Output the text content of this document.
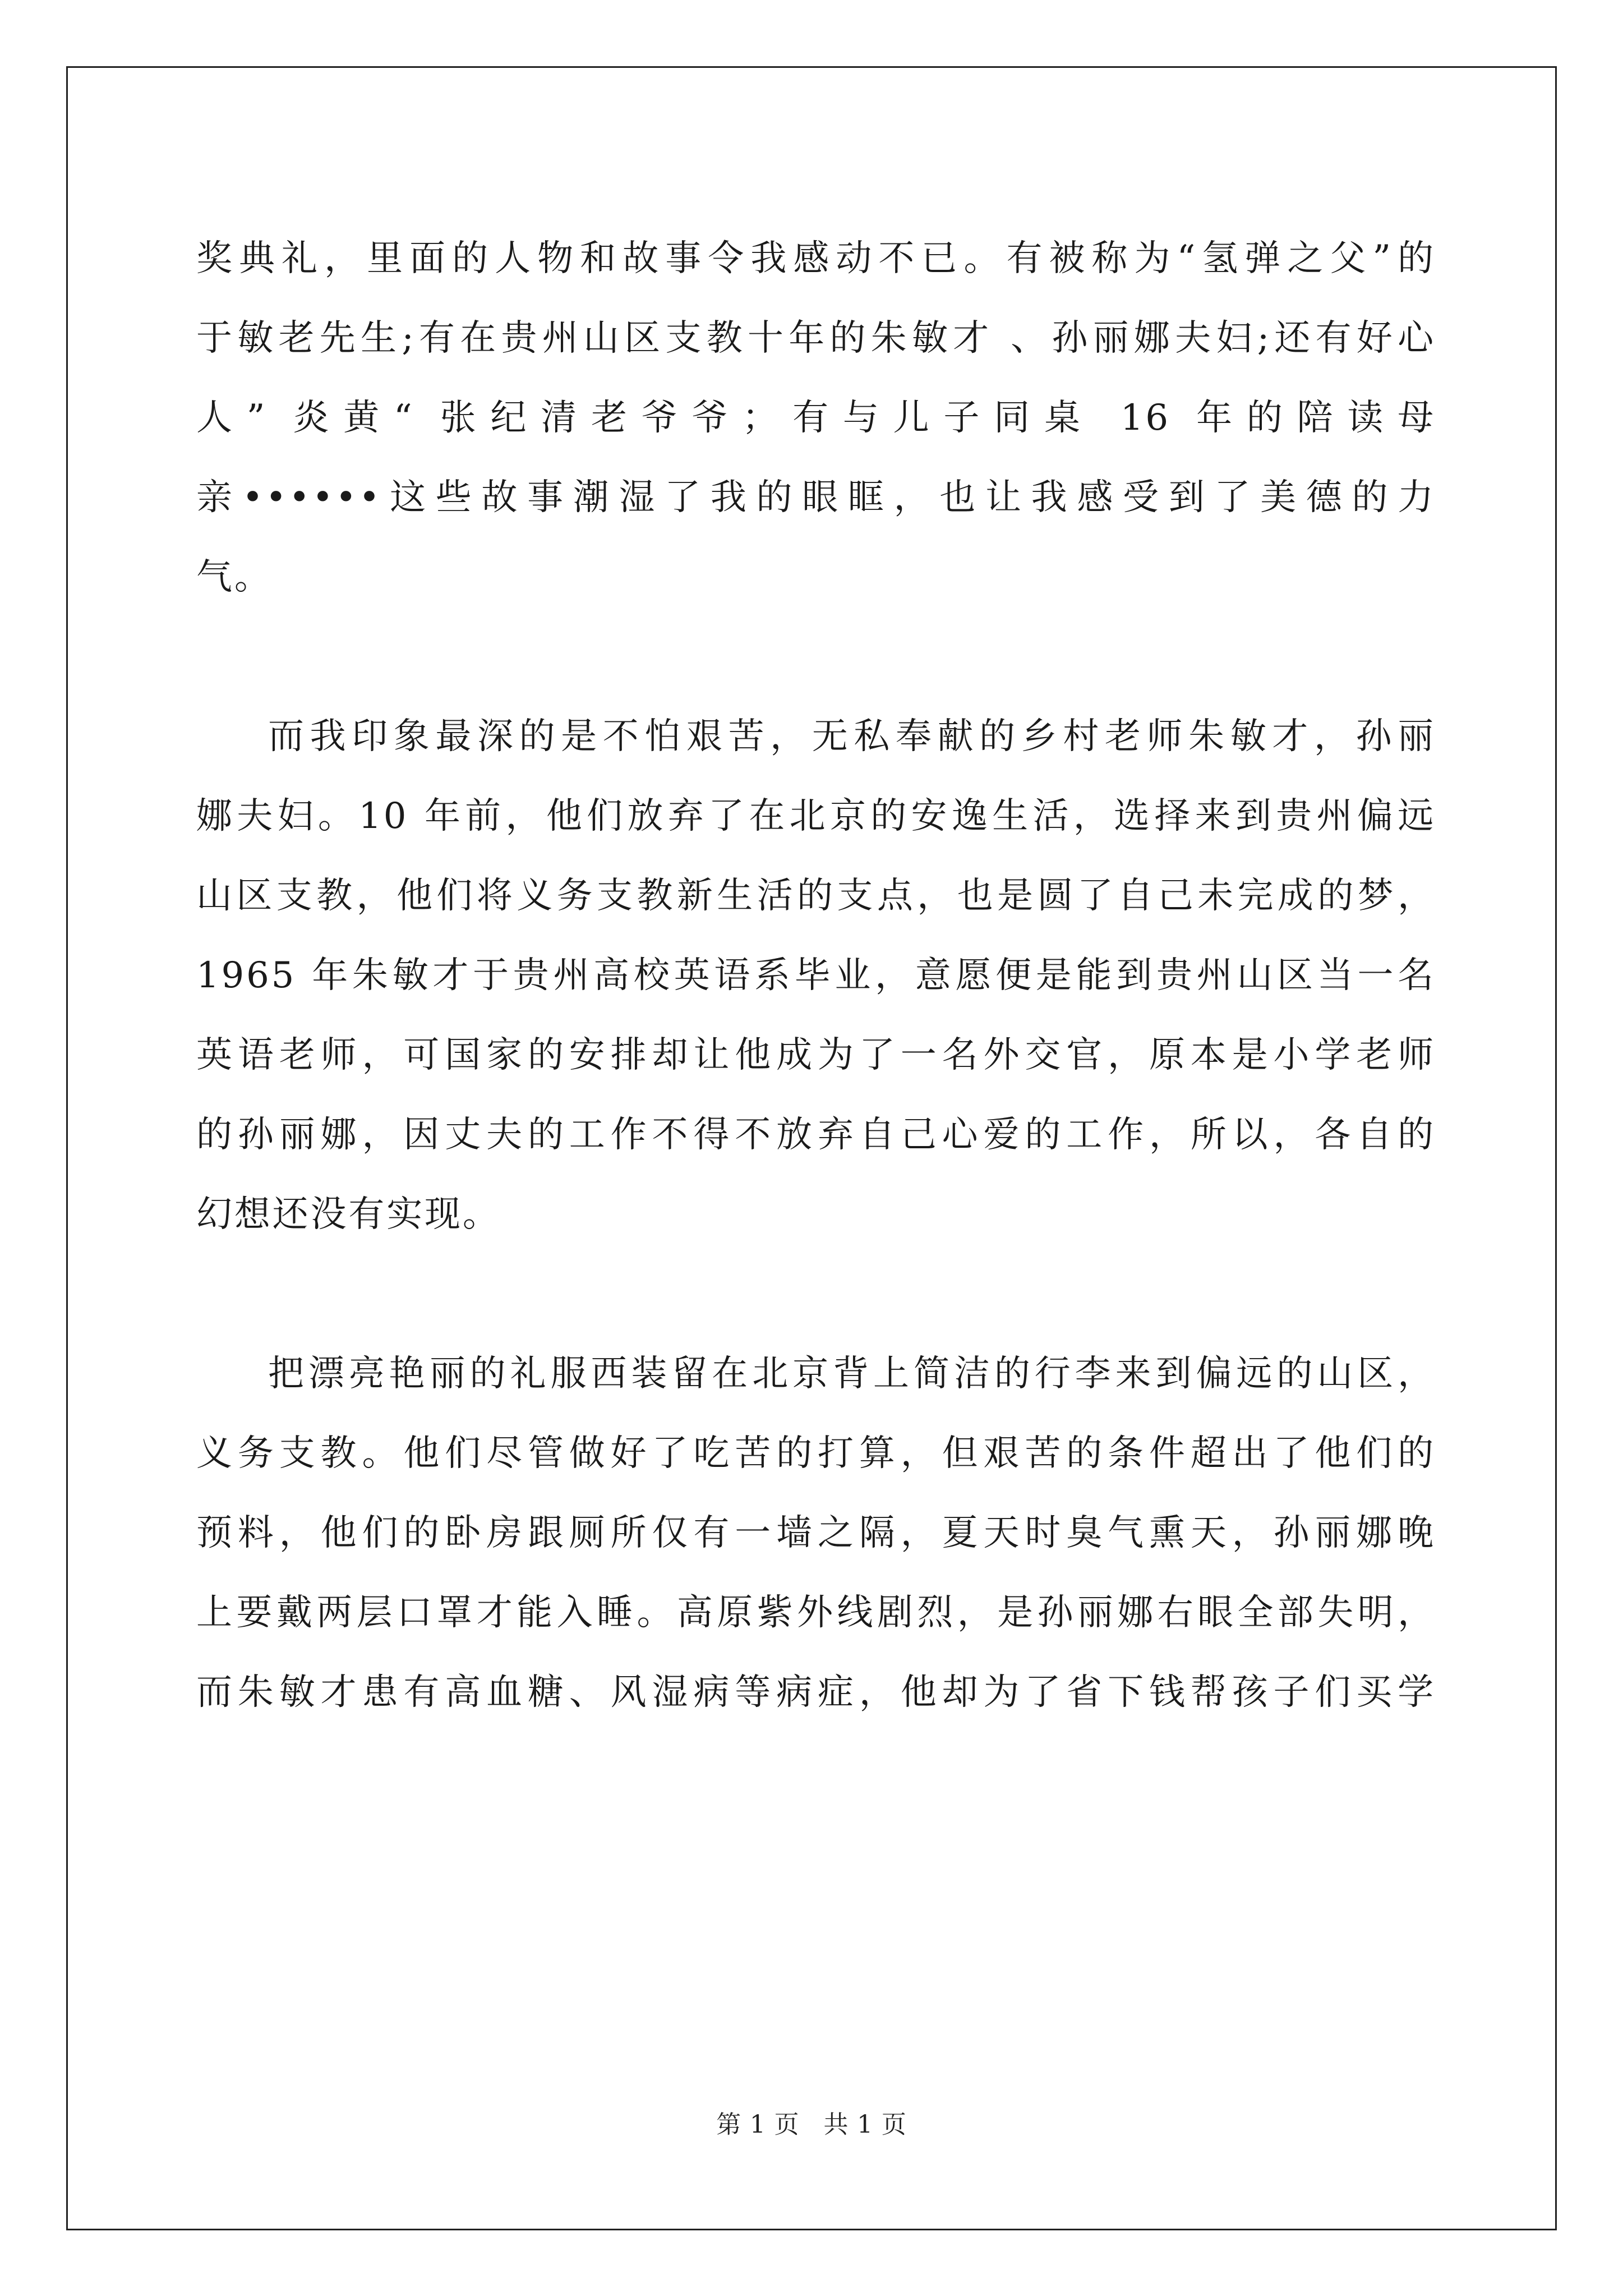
奖典礼，里面的人物和故事令我感动不已。有被称为“氢弹之父”的
于敏老先生;有在贵州山区支教十年的朱敏才 、孙丽娜夫妇;还有好心
人” 炎黄“ 张纪清老爷爷；有与儿子同桌 16 年的陪读母
亲••••••这些故事潮湿了我的眼眶，也让我感受到了美德的力
气。
而我印象最深的是不怕艰苦，无私奉献的乡村老师朱敏才，孙丽
娜夫妇。10 年前，他们放弃了在北京的安逸生活，选择来到贵州偏远
山区支教，他们将义务支教新生活的支点，也是圆了自己未完成的梦，
1965 年朱敏才于贵州高校英语系毕业，意愿便是能到贵州山区当一名
英语老师，可国家的安排却让他成为了一名外交官，原本是小学老师
的孙丽娜，因丈夫的工作不得不放弃自己心爱的工作，所以，各自的
幻想还没有实现。
把漂亮艳丽的礼服西装留在北京背上简洁的行李来到偏远的山区，
义务支教。他们尽管做好了吃苦的打算，但艰苦的条件超出了他们的
预料，他们的卧房跟厕所仅有一墙之隔，夏天时臭气熏天，孙丽娜晚
上要戴两层口罩才能入睡。高原紫外线剧烈，是孙丽娜右眼全部失明，
而朱敏才患有高血糖、风湿病等病症，他却为了省下钱帮孩子们买学
第 1 页 共 1 页
